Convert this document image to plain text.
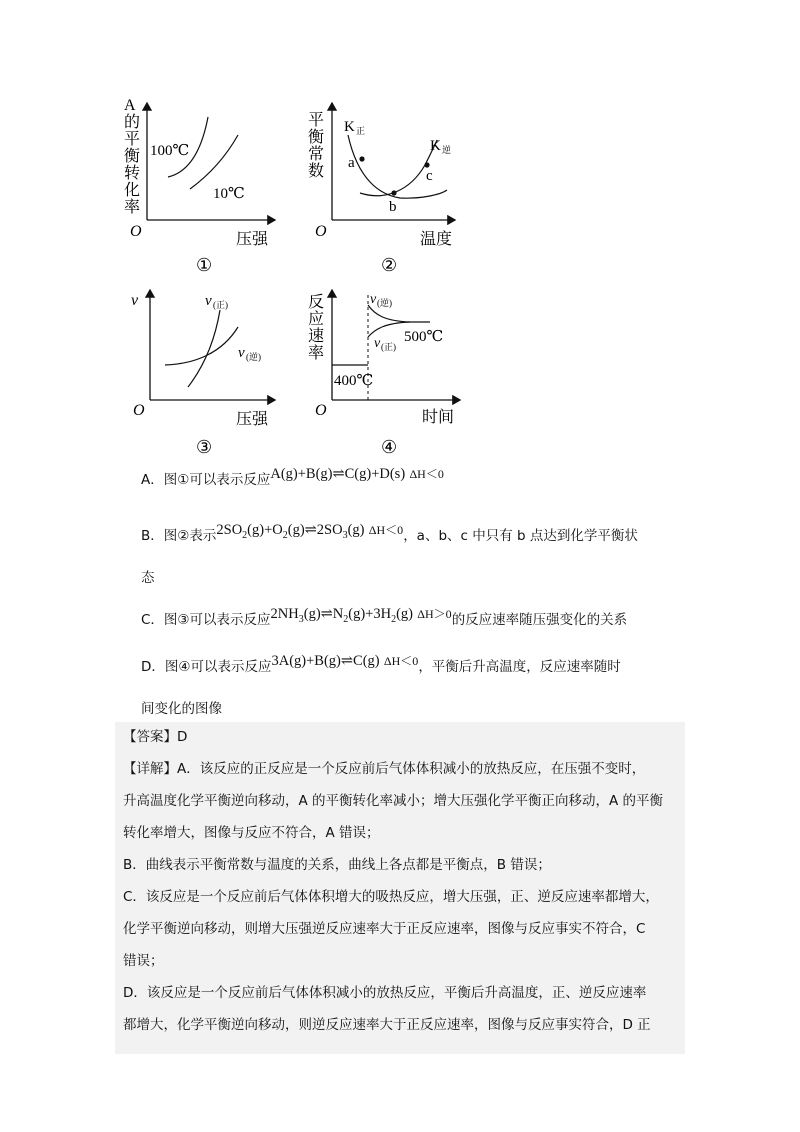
A
的
平
衡
转
化
率
O	压强
100℃
10℃
①
平
衡
常
数
O	温度
K 正
K 逆
a
b
c
②
v
O
压强
v (正)
v (逆)
③
反
应
速
率
O	时间
v (逆)
v (正)
500℃
400℃
④
A．图①可以表示反应A(g)+B(g)⇌C(g)+D(s) ΔH＜0
B．图②表示$2SO_2(g)+O_2(g)\rightleftharpoons 2SO_3(g)$ ΔH＜0，a、b、c 中只有 b 点达到化学平衡状
态
C．图③可以表示反应$2NH_3(g)\rightleftharpoons N_2(g)+3H_2(g)$ ΔH＞0的反应速率随压强变化的关系
D．图④可以表示反应3A(g)+B(g)⇌C(g) ΔH＜0，平衡后升高温度，反应速率随时
间变化的图像

【答案】D

【详解】A．该反应的正反应是一个反应前后气体体积减小的放热反应，在压强不变时，

升高温度化学平衡逆向移动，A 的平衡转化率减小；增大压强化学平衡正向移动，A 的平衡

转化率增大，图像与反应不符合，A 错误；

B．曲线表示平衡常数与温度的关系，曲线上各点都是平衡点，B 错误；

C．该反应是一个反应前后气体体积增大的吸热反应，增大压强，正、逆反应速率都增大，

化学平衡逆向移动，则增大压强逆反应速率大于正反应速率，图像与反应事实不符合，C

错误；

D．该反应是一个反应前后气体体积减小的放热反应，平衡后升高温度，正、逆反应速率

都增大，化学平衡逆向移动，则逆反应速率大于正反应速率，图像与反应事实符合，D 正
